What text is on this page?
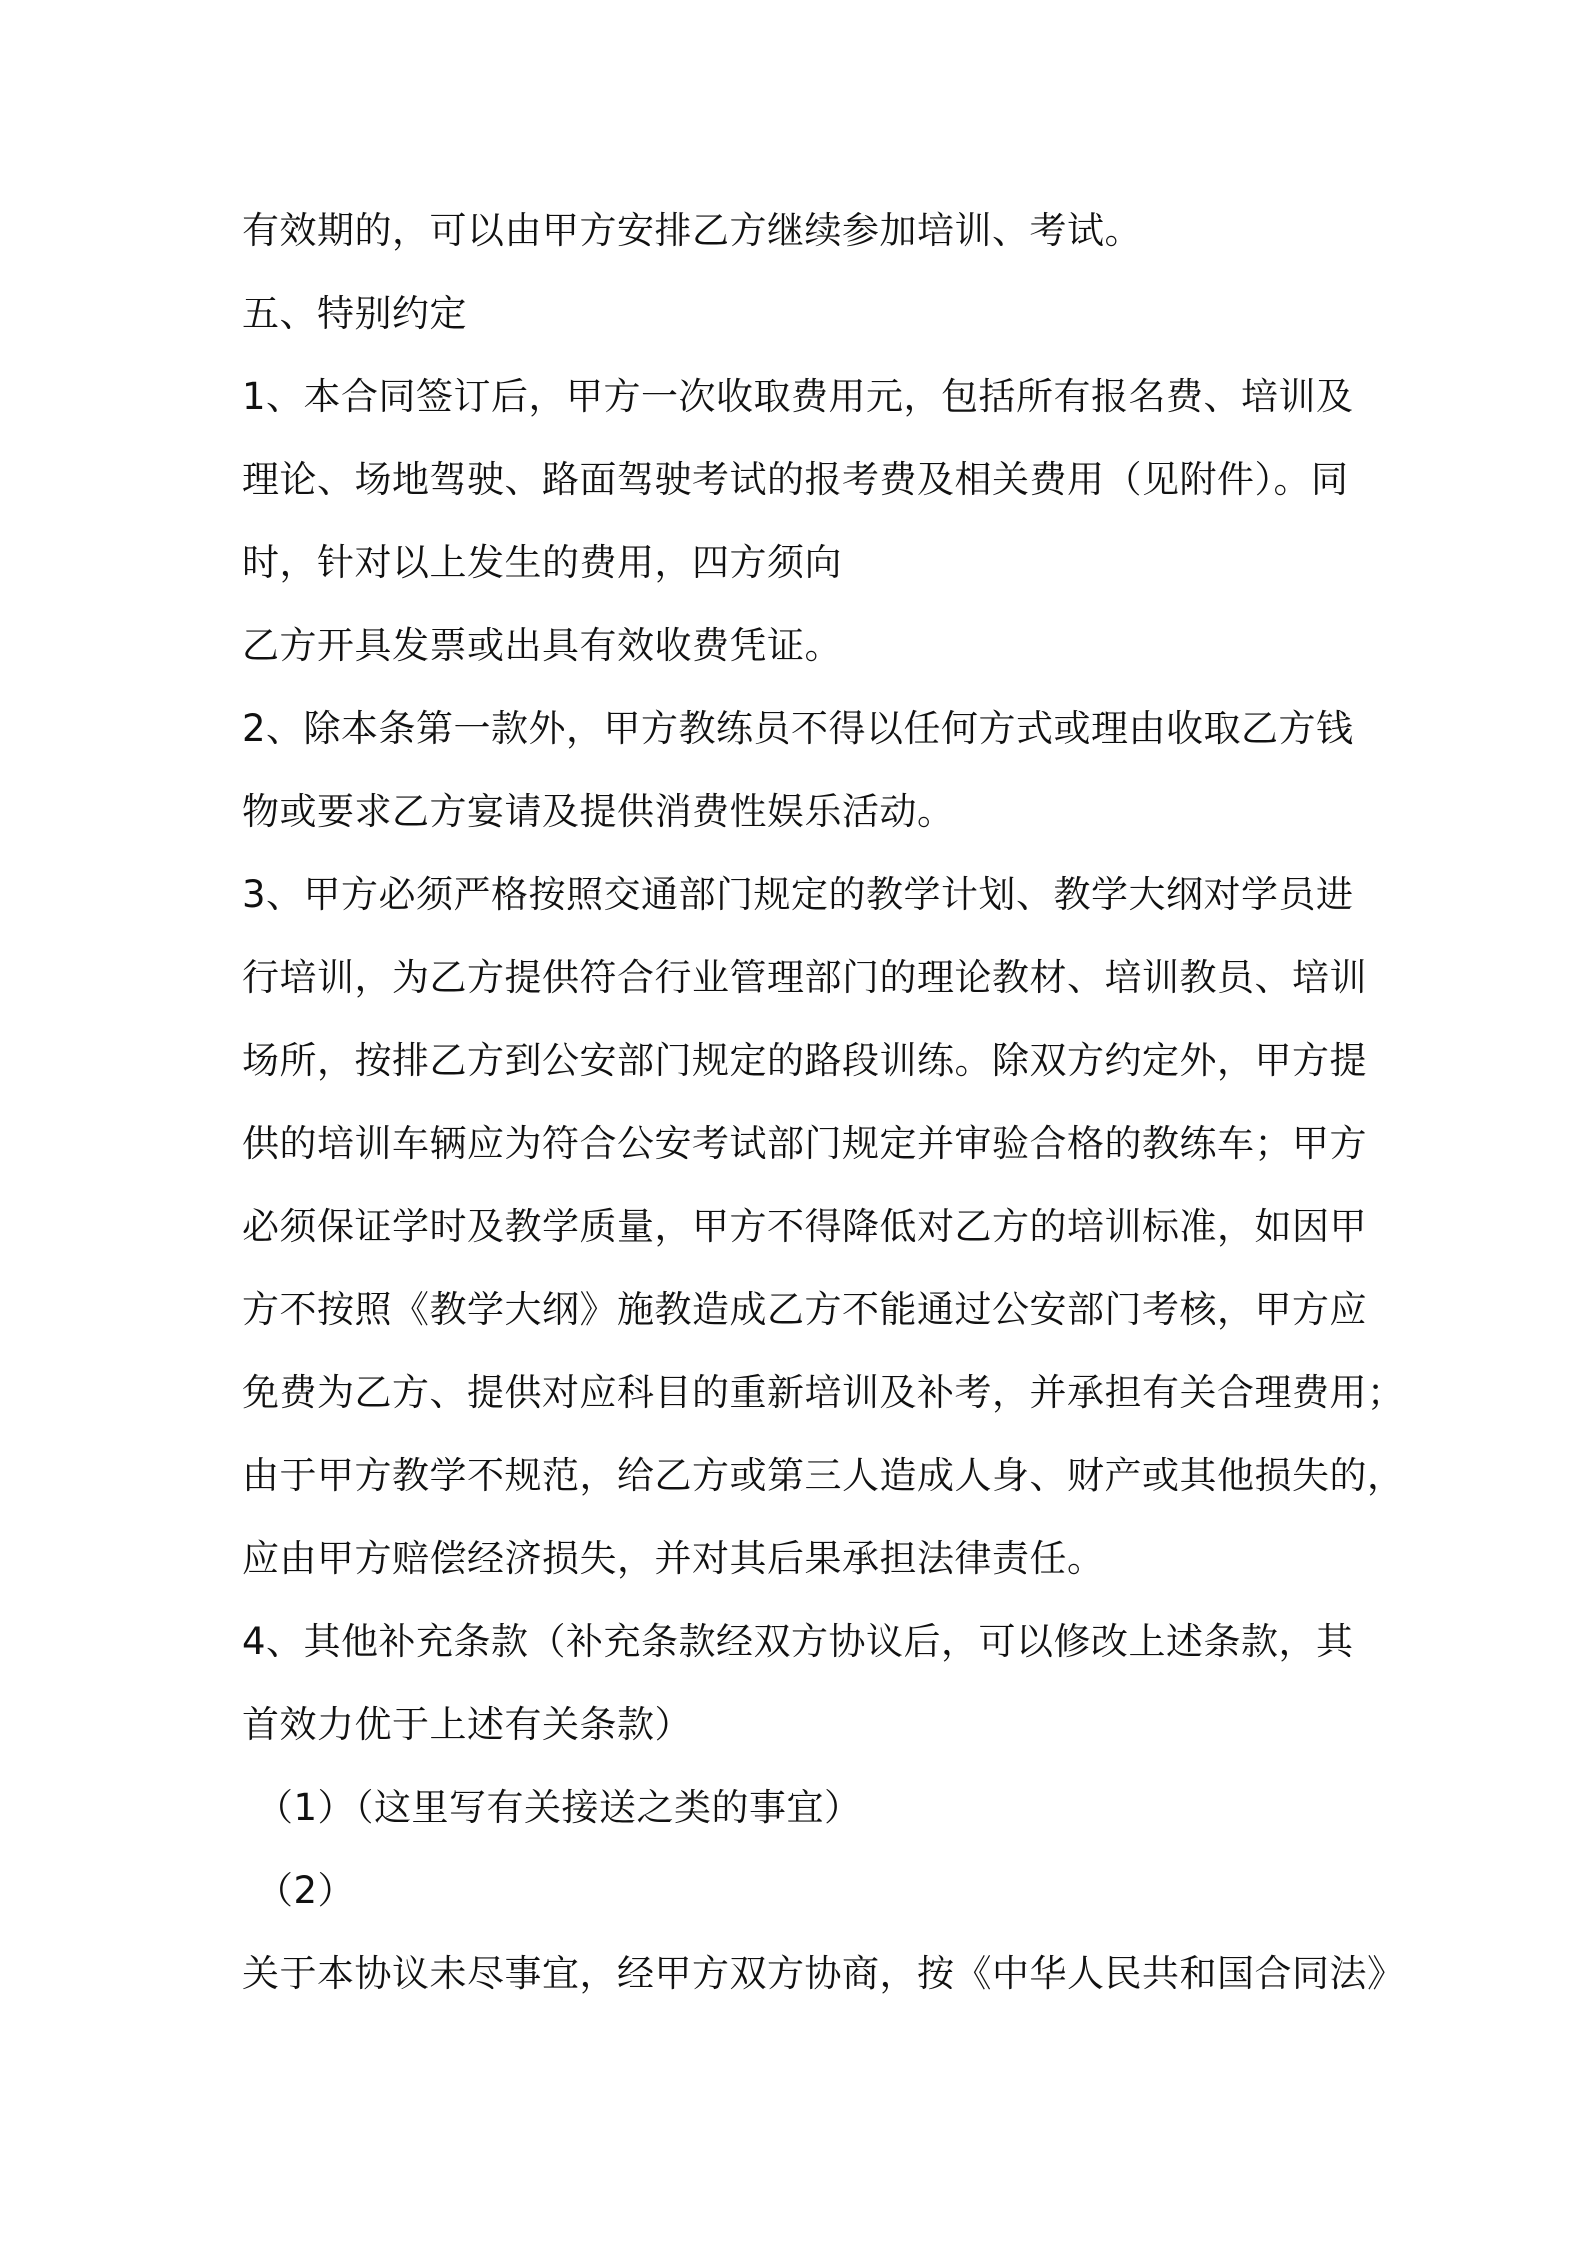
有效期的，可以由甲方安排乙方继续参加培训、考试。
五、特别约定
1、本合同签订后，甲方一次收取费用元，包括所有报名费、培训及
理论、场地驾驶、路面驾驶考试的报考费及相关费用（见附件）。同
时，针对以上发生的费用，四方须向
乙方开具发票或出具有效收费凭证。
2、除本条第一款外，甲方教练员不得以任何方式或理由收取乙方钱
物或要求乙方宴请及提供消费性娱乐活动。
3、甲方必须严格按照交通部门规定的教学计划、教学大纲对学员进
行培训，为乙方提供符合行业管理部门的理论教材、培训教员、培训
场所，按排乙方到公安部门规定的路段训练。除双方约定外，甲方提
供的培训车辆应为符合公安考试部门规定并审验合格的教练车；甲方
必须保证学时及教学质量，甲方不得降低对乙方的培训标准，如因甲
方不按照《教学大纲》施教造成乙方不能通过公安部门考核，甲方应
免费为乙方、提供对应科目的重新培训及补考，并承担有关合理费用；
由于甲方教学不规范，给乙方或第三人造成人身、财产或其他损失的，
应由甲方赔偿经济损失，并对其后果承担法律责任。
4、其他补充条款（补充条款经双方协议后，可以修改上述条款，其
首效力优于上述有关条款）
（1）（这里写有关接送之类的事宜）
（2）
关于本协议未尽事宜，经甲方双方协商，按《中华人民共和国合同法》
